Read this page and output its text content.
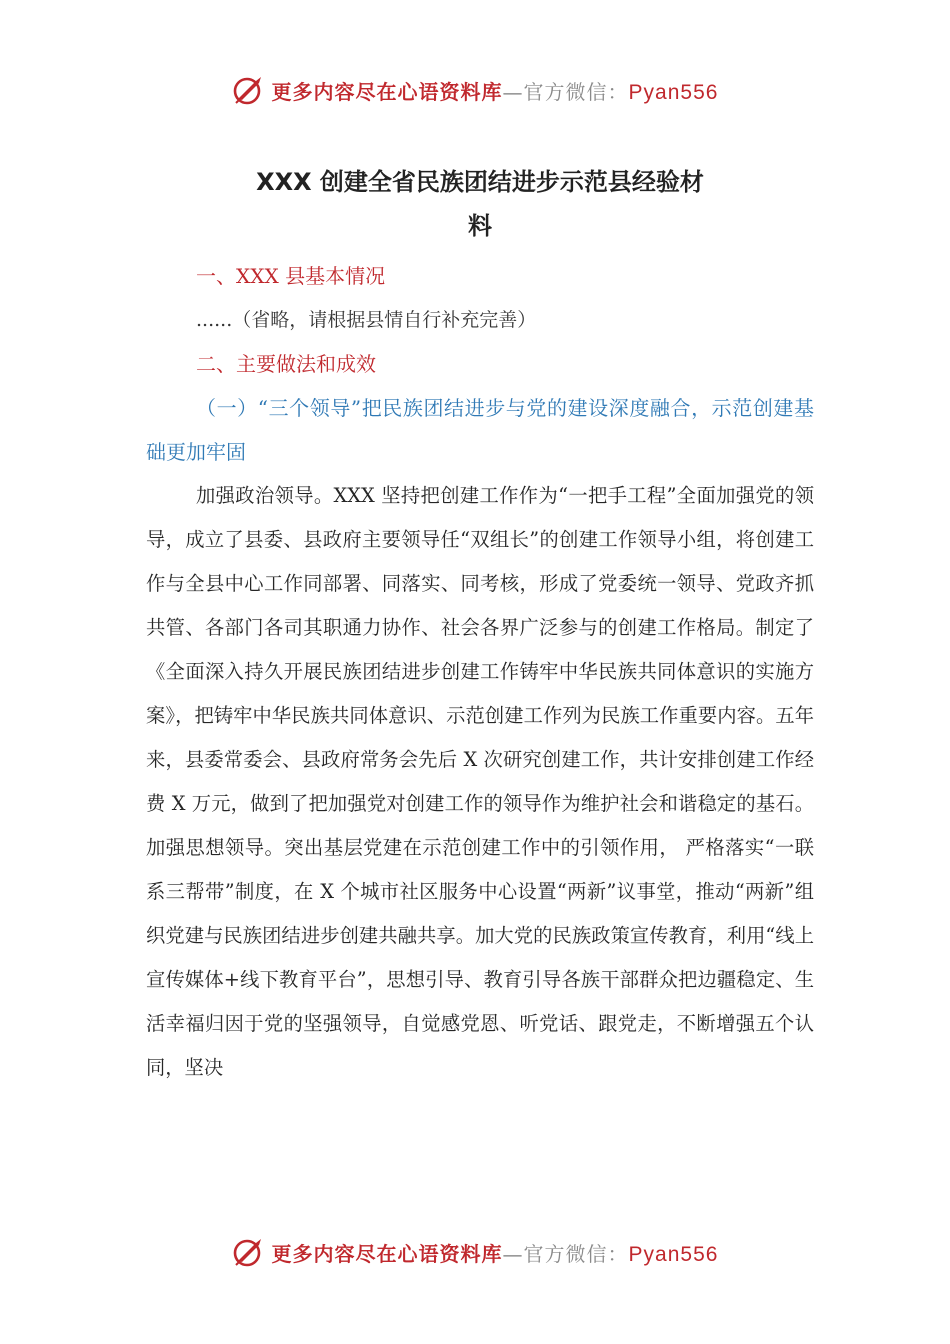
更多内容尽在心语资料库—官方微信：Pyan556
XXX 创建全省民族团结进步示范县经验材
料

一、XXX 县基本情况

......（省略，请根据县情自行补充完善）

二、主要做法和成效

（一）“三个领导”把民族团结进步与党的建设深度融合，示范创建基础更加牢固

加强政治领导。XXX 坚持把创建工作作为“一把手工程”全面加强党的领导，成立了县委、县政府主要领导任“双组长”的创建工作领导小组，将创建工作与全县中心工作同部署、同落实、同考核，形成了党委统一领导、党政齐抓共管、各部门各司其职通力协作、社会各界广泛参与的创建工作格局。制定了《全面深入持久开展民族团结进步创建工作铸牢中华民族共同体意识的实施方案》，把铸牢中华民族共同体意识、示范创建工作列为民族工作重要内容。五年来，县委常委会、县政府常务会先后 X 次研究创建工作，共计安排创建工作经费 X 万元，做到了把加强党对创建工作的领导作为维护社会和谐稳定的基石。加强思想领导。突出基层党建在示范创建工作中的引领作用， 严格落实“一联系三帮带”制度，在 X 个城市社区服务中心设置“两新”议事堂，推动“两新”组织党建与民族团结进步创建共融共享。加大党的民族政策宣传教育，利用“线上宣传媒体+线下教育平台”，思想引导、教育引导各族干部群众把边疆稳定、生活幸福归因于党的坚强领导，自觉感党恩、听党话、跟党走，不断增强五个认同，坚决

更多内容尽在心语资料库—官方微信：Pyan556
